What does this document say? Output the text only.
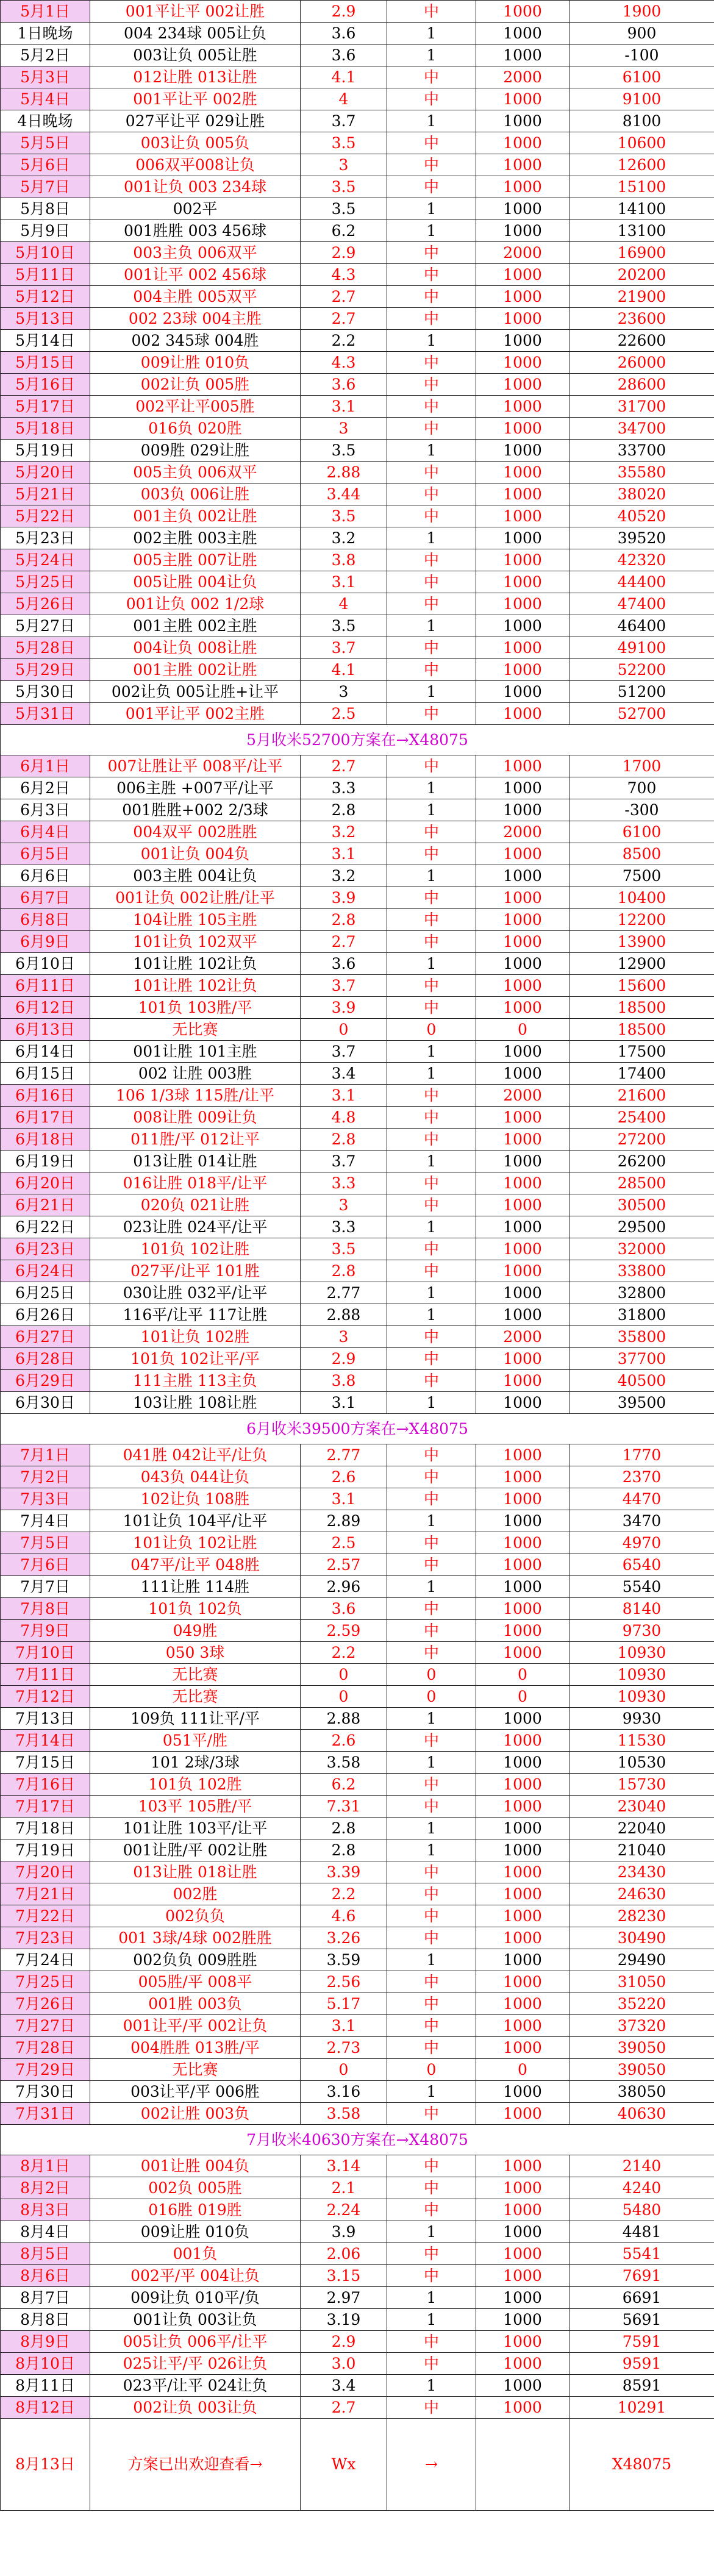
5月1日	001平让平 002让胜	2.9	中	1000	1900
1日晚场	004 234球 005让负	3.6	1	1000	900
5月2日	003让负 005让胜	3.6	1	1000	-100
5月3日	012让胜 013让胜	4.1	中	2000	6100
5月4日	001平让平 002胜	4	中	1000	9100
4日晚场	027平让平 029让胜	3.7	1	1000	8100
5月5日	003让负 005负	3.5	中	1000	10600
5月6日	006双平008让负	3	中	1000	12600
5月7日	001让负 003 234球	3.5	中	1000	15100
5月8日	002平	3.5	1	1000	14100
5月9日	001胜胜 003 456球	6.2	1	1000	13100
5月10日	003主负 006双平	2.9	中	2000	16900
5月11日	001让平 002 456球	4.3	中	1000	20200
5月12日	004主胜 005双平	2.7	中	1000	21900
5月13日	002 23球 004主胜	2.7	中	1000	23600
5月14日	002 345球 004胜	2.2	1	1000	22600
5月15日	009让胜 010负	4.3	中	1000	26000
5月16日	002让负 005胜	3.6	中	1000	28600
5月17日	002平让平005胜	3.1	中	1000	31700
5月18日	016负 020胜	3	中	1000	34700
5月19日	009胜 029让胜	3.5	1	1000	33700
5月20日	005主负 006双平	2.88	中	1000	35580
5月21日	003负 006让胜	3.44	中	1000	38020
5月22日	001主负 002让胜	3.5	中	1000	40520
5月23日	002主胜 003主胜	3.2	1	1000	39520
5月24日	005主胜 007让胜	3.8	中	1000	42320
5月25日	005让胜 004让负	3.1	中	1000	44400
5月26日	001让负 002 1/2球	4	中	1000	47400
5月27日	001主胜 002主胜	3.5	1	1000	46400
5月28日	004让负 008让胜	3.7	中	1000	49100
5月29日	001主胜 002让胜	4.1	中	1000	52200
5月30日	002让负 005让胜+让平	3	1	1000	51200
5月31日	001平让平 002主胜	2.5	中	1000	52700
5月收米52700方案在→X48075					
6月1日	007让胜让平 008平/让平	2.7	中	1000	1700
6月2日	006主胜 +007平/让平	3.3	1	1000	700
6月3日	001胜胜+002 2/3球	2.8	1	1000	-300
6月4日	004双平 002胜胜	3.2	中	2000	6100
6月5日	001让负 004负	3.1	中	1000	8500
6月6日	003主胜 004让负	3.2	1	1000	7500
6月7日	001让负 002让胜/让平	3.9	中	1000	10400
6月8日	104让胜 105主胜	2.8	中	1000	12200
6月9日	101让负 102双平	2.7	中	1000	13900
6月10日	101让胜 102让负	3.6	1	1000	12900
6月11日	101让胜 102让负	3.7	中	1000	15600
6月12日	101负 103胜/平	3.9	中	1000	18500
6月13日	无比赛	0	0	0	18500
6月14日	001让胜 101主胜	3.7	1	1000	17500
6月15日	002 让胜 003胜	3.4	1	1000	17400
6月16日	106 1/3球 115胜/让平	3.1	中	2000	21600
6月17日	008让胜 009让负	4.8	中	1000	25400
6月18日	011胜/平 012让平	2.8	中	1000	27200
6月19日	013让胜 014让胜	3.7	1	1000	26200
6月20日	016让胜 018平/让平	3.3	中	1000	28500
6月21日	020负 021让胜	3	中	1000	30500
6月22日	023让胜 024平/让平	3.3	1	1000	29500
6月23日	101负 102让胜	3.5	中	1000	32000
6月24日	027平/让平 101胜	2.8	中	1000	33800
6月25日	030让胜 032平/让平	2.77	1	1000	32800
6月26日	116平/让平 117让胜	2.88	1	1000	31800
6月27日	101让负 102胜	3	中	2000	35800
6月28日	101负 102让平/平	2.9	中	1000	37700
6月29日	111主胜 113主负	3.8	中	1000	40500
6月30日	103让胜 108让胜	3.1	1	1000	39500
6月收米39500方案在→X48075					
7月1日	041胜 042让平/让负	2.77	中	1000	1770
7月2日	043负 044让负	2.6	中	1000	2370
7月3日	102让负 108胜	3.1	中	1000	4470
7月4日	101让负 104平/让平	2.89	1	1000	3470
7月5日	101让负 102让胜	2.5	中	1000	4970
7月6日	047平/让平 048胜	2.57	中	1000	6540
7月7日	111让胜 114胜	2.96	1	1000	5540
7月8日	101负 102负	3.6	中	1000	8140
7月9日	049胜	2.59	中	1000	9730
7月10日	050 3球	2.2	中	1000	10930
7月11日	无比赛	0	0	0	10930
7月12日	无比赛	0	0	0	10930
7月13日	109负 111让平/平	2.88	1	1000	9930
7月14日	051平/胜	2.6	中	1000	11530
7月15日	101 2球/3球	3.58	1	1000	10530
7月16日	101负 102胜	6.2	中	1000	15730
7月17日	103平 105胜/平	7.31	中	1000	23040
7月18日	101让胜 103平/让平	2.8	1	1000	22040
7月19日	001让胜/平 002让胜	2.8	1	1000	21040
7月20日	013让胜 018让胜	3.39	中	1000	23430
7月21日	002胜	2.2	中	1000	24630
7月22日	002负负	4.6	中	1000	28230
7月23日	001 3球/4球 002胜胜	3.26	中	1000	30490
7月24日	002负负 009胜胜	3.59	1	1000	29490
7月25日	005胜/平 008平	2.56	中	1000	31050
7月26日	001胜 003负	5.17	中	1000	35220
7月27日	001让平/平 002让负	3.1	中	1000	37320
7月28日	004胜胜 013胜/平	2.73	中	1000	39050
7月29日	无比赛	0	0	0	39050
7月30日	003让平/平 006胜	3.16	1	1000	38050
7月31日	002让胜 003负	3.58	中	1000	40630
7月收米40630方案在→X48075					
8月1日	001让胜 004负	3.14	中	1000	2140
8月2日	002负 005胜	2.1	中	1000	4240
8月3日	016胜 019胜	2.24	中	1000	5480
8月4日	009让胜 010负	3.9	1	1000	4481
8月5日	001负	2.06	中	1000	5541
8月6日	002平/平 004让负	3.15	中	1000	7691
8月7日	009让负 010平/负	2.97	1	1000	6691
8月8日	001让负 003让负	3.19	1	1000	5691
8月9日	005让负 006平/让平	2.9	中	1000	7591
8月10日	025让平/平 026让负	3.0	中	1000	9591
8月11日	023平/让平 024让负	3.4	1	1000	8591
8月12日	002让负 003让负	2.7	中	1000	10291
8月13日	方案已出欢迎查看→	Wx	→		X48075
